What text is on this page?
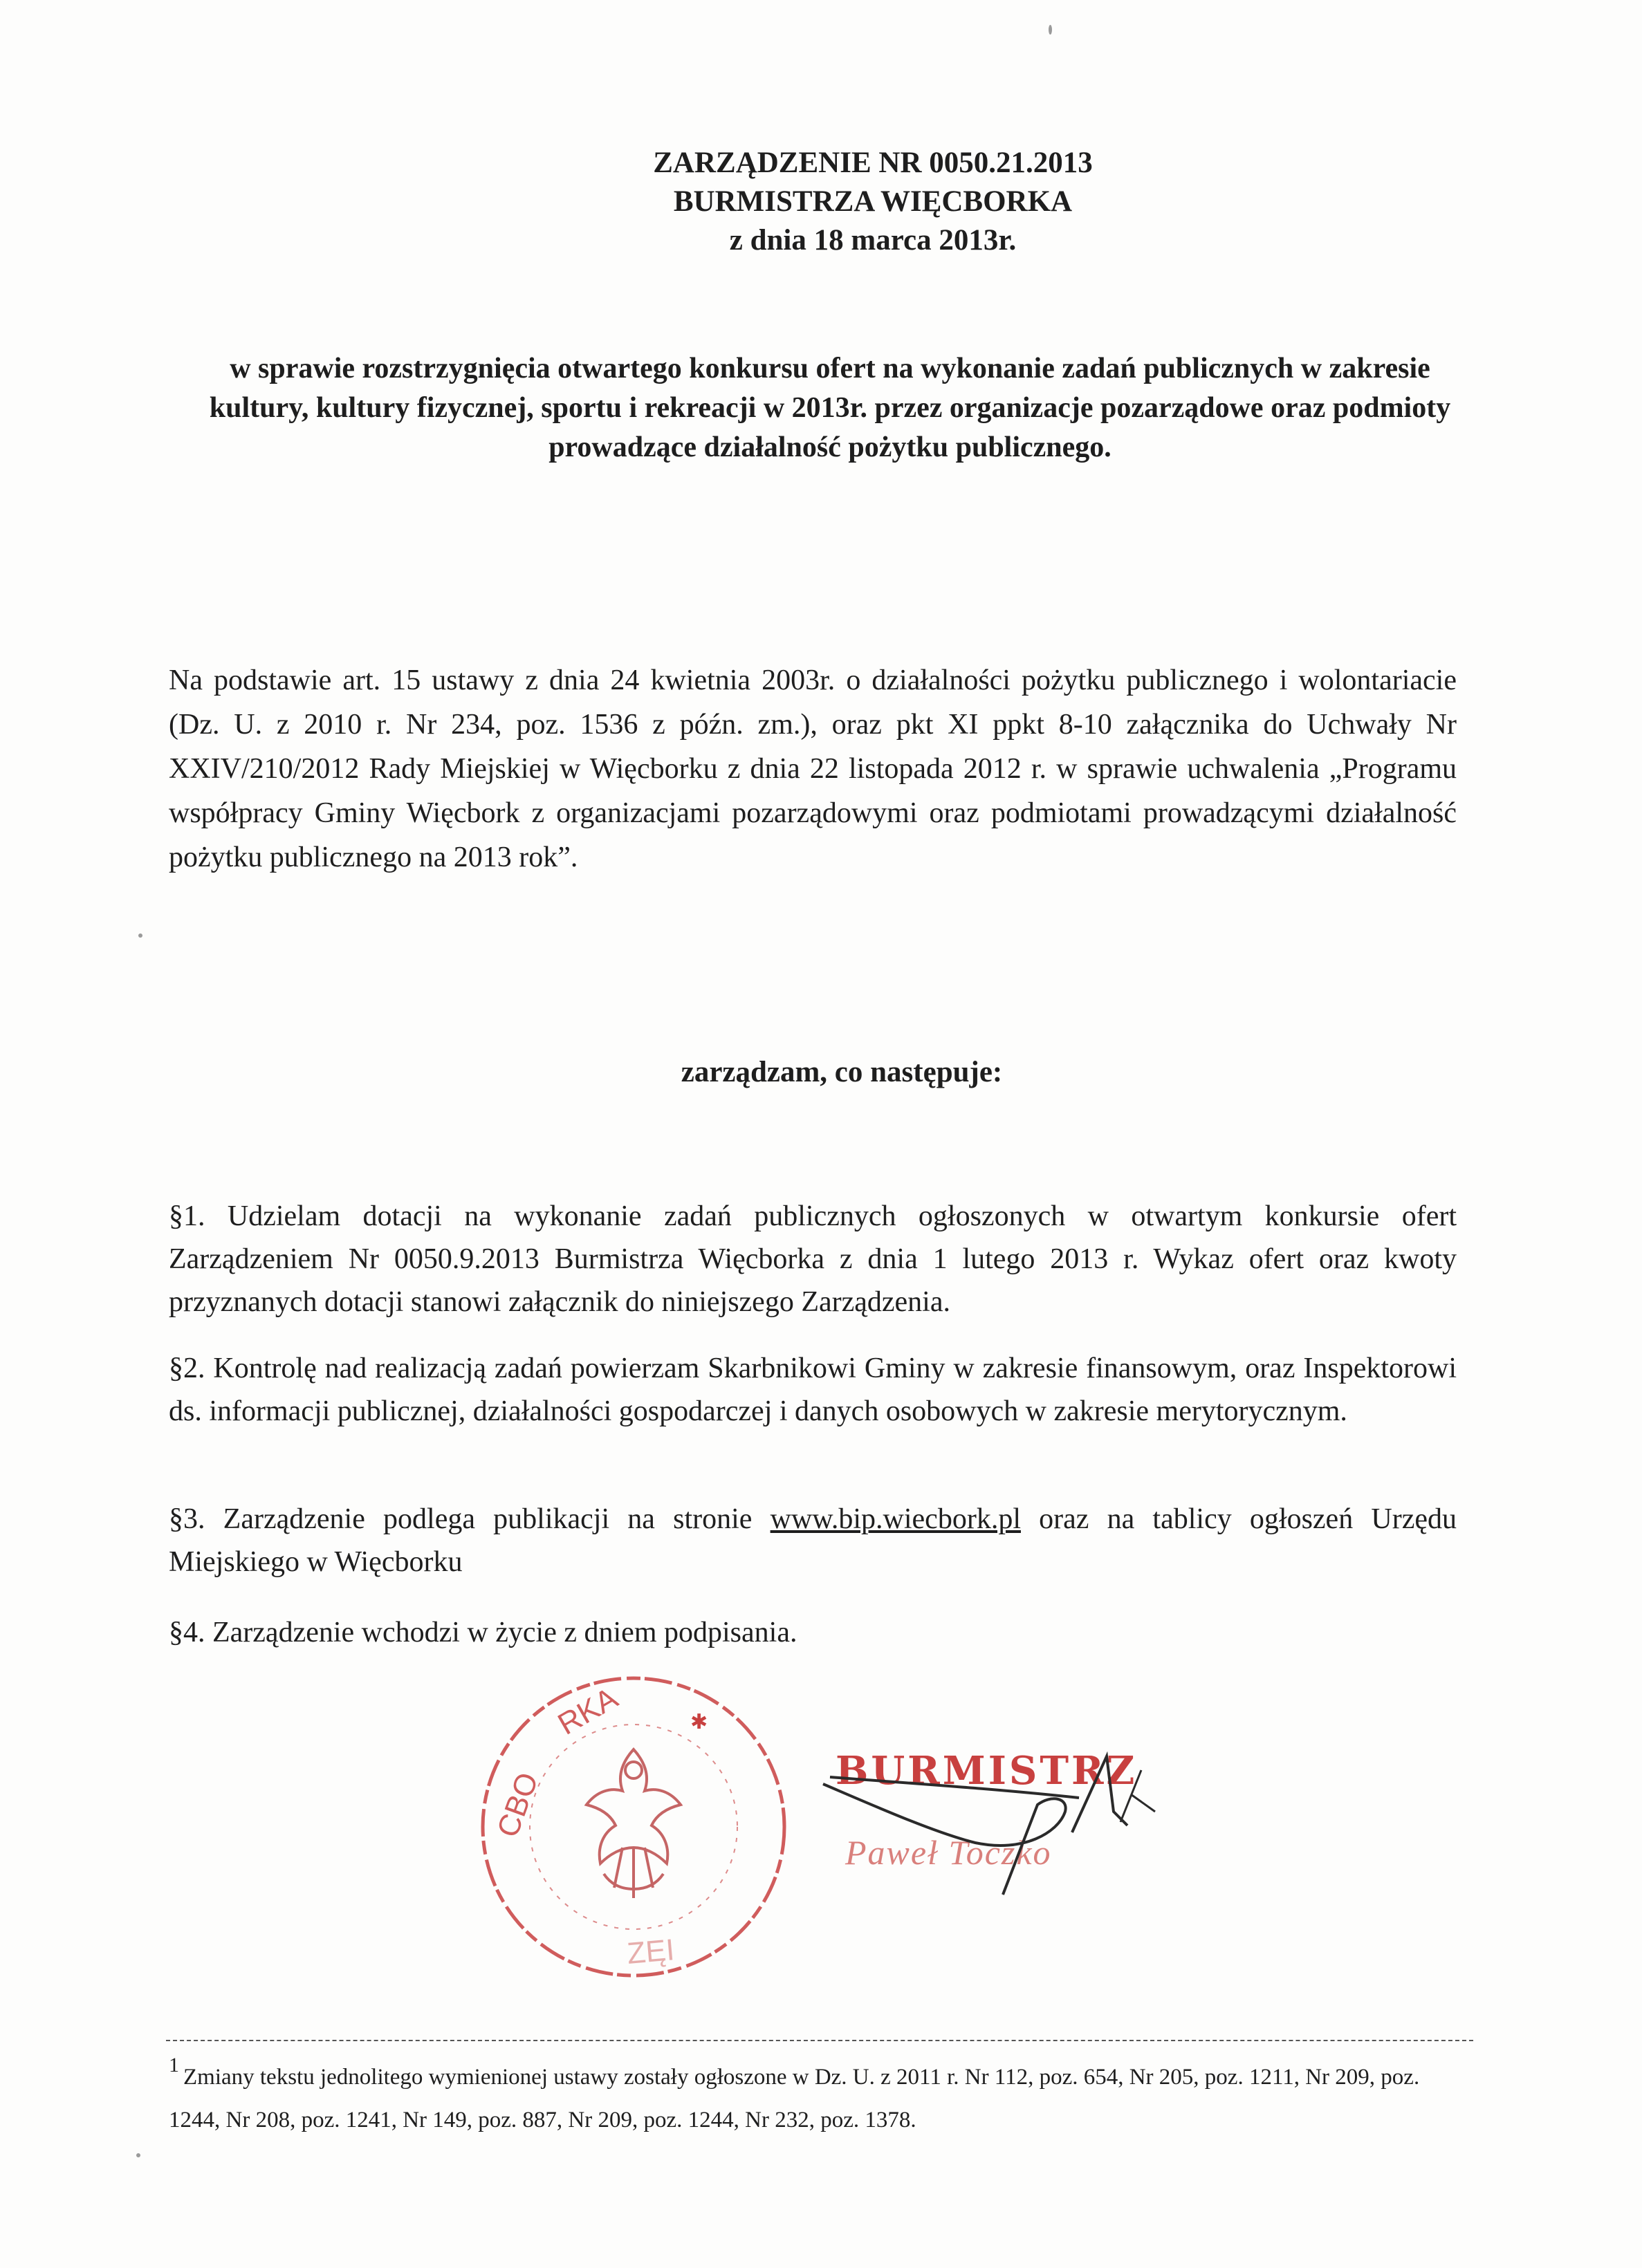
ZARZĄDZENIE NR 0050.21.2013
BURMISTRZA WIĘCBORKA
z dnia 18 marca 2013r.
w sprawie rozstrzygnięcia otwartego konkursu ofert na wykonanie zadań publicznych w zakresie kultury, kultury fizycznej, sportu i rekreacji w 2013r. przez organizacje pozarządowe oraz podmioty prowadzące działalność pożytku publicznego.
Na podstawie art. 15 ustawy z dnia 24 kwietnia 2003r. o działalności pożytku publicznego i wolontariacie (Dz. U. z 2010 r. Nr 234, poz. 1536 z późn. zm.), oraz pkt XI ppkt 8-10 załącznika do Uchwały Nr XXIV/210/2012 Rady Miejskiej w Więcborku z dnia 22 listopada 2012 r. w sprawie uchwalenia „Programu współpracy Gminy Więcbork z organizacjami pozarządowymi oraz podmiotami prowadzącymi działalność pożytku publicznego na 2013 rok”.
zarządzam, co następuje:
§1. Udzielam dotacji na wykonanie zadań publicznych ogłoszonych w otwartym konkursie ofert Zarządzeniem Nr 0050.9.2013 Burmistrza Więcborka z dnia 1 lutego 2013 r. Wykaz ofert oraz kwoty przyznanych dotacji stanowi załącznik do niniejszego Zarządzenia.
§2. Kontrolę nad realizacją zadań powierzam Skarbnikowi Gminy w zakresie finansowym, oraz Inspektorowi ds. informacji publicznej, działalności gospodarczej i danych osobowych w zakresie merytorycznym.
§3. Zarządzenie podlega publikacji na stronie www.bip.wiecbork.pl oraz na tablicy ogłoszeń Urzędu Miejskiego w Więcborku
§4. Zarządzenie wchodzi w życie z dniem podpisania.
CBO
RKA
ZĘI
✱
BURMISTRZ
Paweł Toczko
$^1$ Zmiany tekstu jednolitego wymienionej ustawy zostały ogłoszone w Dz. U. z 2011 r. Nr 112, poz. 654, Nr 205, poz. 1211, Nr 209, poz. 1244, Nr 208, poz. 1241, Nr 149, poz. 887, Nr 209, poz. 1244, Nr 232, poz. 1378.
